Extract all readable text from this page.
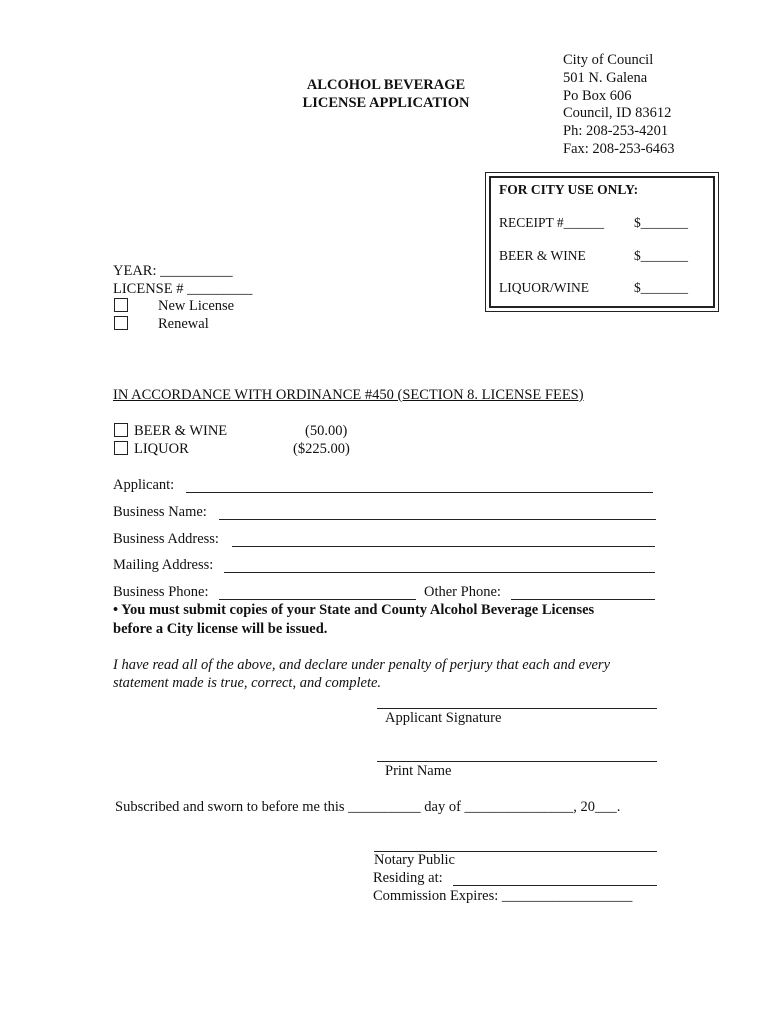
ALCOHOL BEVERAGE
LICENSE APPLICATION
City of Council
501 N. Galena
Po Box 606
Council, ID 83612
Ph: 208-253-4201
Fax: 208-253-6463
FOR CITY USE ONLY:
RECEIPT #______ $_______
BEER & WINE	$_______
LIQUOR/WINE	$_______
YEAR: __________
LICENSE # _________
New License
Renewal
IN ACCORDANCE WITH ORDINANCE #450 (SECTION 8. LICENSE FEES)
BEER & WINE	(50.00)
LIQUOR	($225.00)
Applicant:
Business Name:
Business Address:
Mailing Address:
Business Phone:	Other Phone:
• You must submit copies of your State and County Alcohol Beverage Licenses
before a City license will be issued.
I have read all of the above, and declare under penalty of perjury that each and every
statement made is true, correct, and complete.
Applicant Signature
Print Name
Subscribed and sworn to before me this __________ day of _______________, 20___.
Notary Public
Residing at:
Commission Expires: __________________
